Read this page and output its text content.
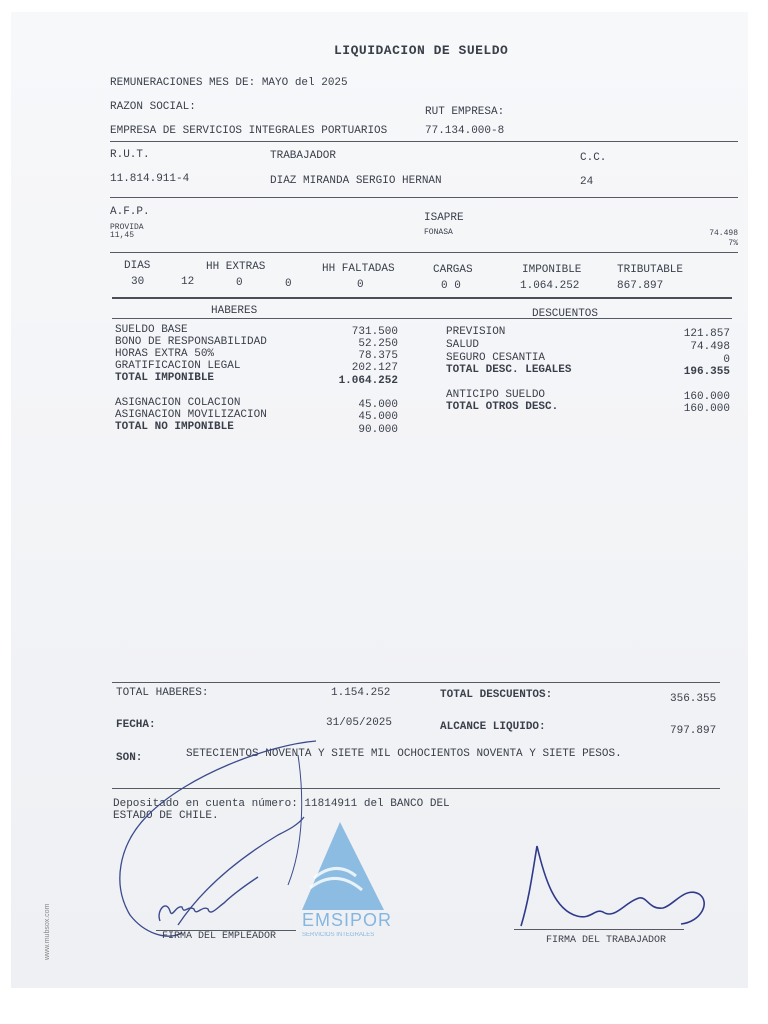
LIQUIDACION DE SUELDO
REMUNERACIONES MES DE: MAYO del 2025
RAZON SOCIAL:	RUT EMPRESA:
EMPRESA DE SERVICIOS INTEGRALES PORTUARIOS	77.134.000-8
R.U.T.	TRABAJADOR	C.C.
11.814.911-4	DIAZ MIRANDA SERGIO HERNAN	24
A.F.P.
PROVIDA
11,45
ISAPRE
FONASA	74.498
7%
DIAS	HH EXTRAS	HH FALTADAS	CARGAS	IMPONIBLE	TRIBUTABLE
30	12	0	0	0	0 0	1.064.252	867.897
HABERES	DESCUENTOS
SUELDO BASE	731.500
BONO DE RESPONSABILIDAD	52.250
HORAS EXTRA 50%	78.375
GRATIFICACION LEGAL	202.127
TOTAL IMPONIBLE	1.064.252
ASIGNACION COLACION	45.000
ASIGNACION MOVILIZACION	45.000
TOTAL NO IMPONIBLE	90.000
PREVISION	121.857
SALUD	74.498
SEGURO CESANTIA	0
TOTAL DESC. LEGALES	196.355
ANTICIPO SUELDO	160.000
TOTAL OTROS DESC.	160.000
TOTAL HABERES:	1.154.252	TOTAL DESCUENTOS:	356.355
FECHA:	31/05/2025	ALCANCE LIQUIDO:	797.897
SON:	SETECIENTOS NOVENTA Y SIETE MIL OCHOCIENTOS NOVENTA Y SIETE PESOS.
Depositado en cuenta número: 11814911 del BANCO DEL
ESTADO DE CHILE.
EMSIPOR
SERVICIOS INTEGRALES
FIRMA DEL EMPLEADOR	FIRMA DEL TRABAJADOR
www.mubsox.com
